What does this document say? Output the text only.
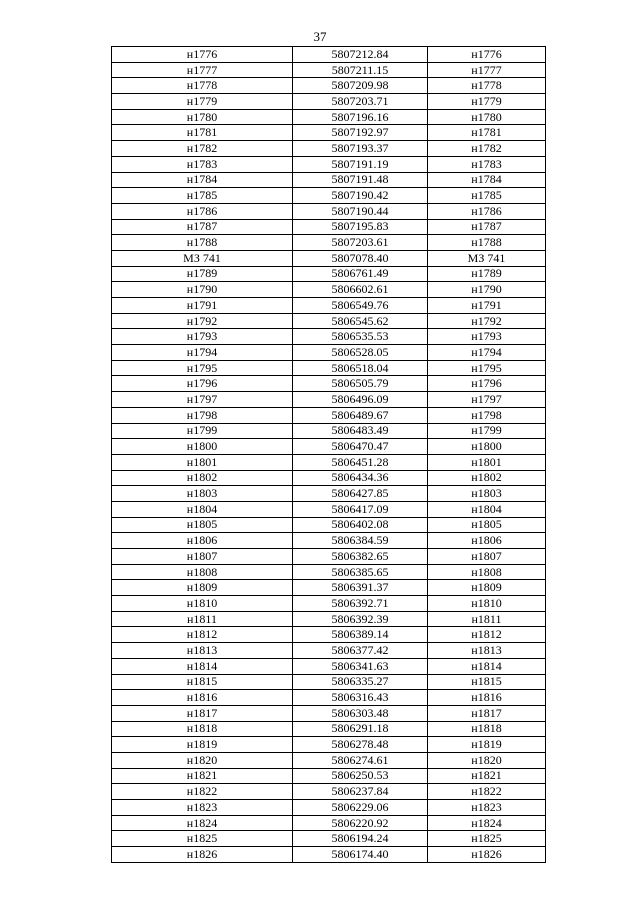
37
н1776	5807212.84	н1776
н1777	5807211.15	н1777
н1778	5807209.98	н1778
н1779	5807203.71	н1779
н1780	5807196.16	н1780
н1781	5807192.97	н1781
н1782	5807193.37	н1782
н1783	5807191.19	н1783
н1784	5807191.48	н1784
н1785	5807190.42	н1785
н1786	5807190.44	н1786
н1787	5807195.83	н1787
н1788	5807203.61	н1788
МЗ 741	5807078.40	МЗ 741
н1789	5806761.49	н1789
н1790	5806602.61	н1790
н1791	5806549.76	н1791
н1792	5806545.62	н1792
н1793	5806535.53	н1793
н1794	5806528.05	н1794
н1795	5806518.04	н1795
н1796	5806505.79	н1796
н1797	5806496.09	н1797
н1798	5806489.67	н1798
н1799	5806483.49	н1799
н1800	5806470.47	н1800
н1801	5806451.28	н1801
н1802	5806434.36	н1802
н1803	5806427.85	н1803
н1804	5806417.09	н1804
н1805	5806402.08	н1805
н1806	5806384.59	н1806
н1807	5806382.65	н1807
н1808	5806385.65	н1808
н1809	5806391.37	н1809
н1810	5806392.71	н1810
н1811	5806392.39	н1811
н1812	5806389.14	н1812
н1813	5806377.42	н1813
н1814	5806341.63	н1814
н1815	5806335.27	н1815
н1816	5806316.43	н1816
н1817	5806303.48	н1817
н1818	5806291.18	н1818
н1819	5806278.48	н1819
н1820	5806274.61	н1820
н1821	5806250.53	н1821
н1822	5806237.84	н1822
н1823	5806229.06	н1823
н1824	5806220.92	н1824
н1825	5806194.24	н1825
н1826	5806174.40	н1826
